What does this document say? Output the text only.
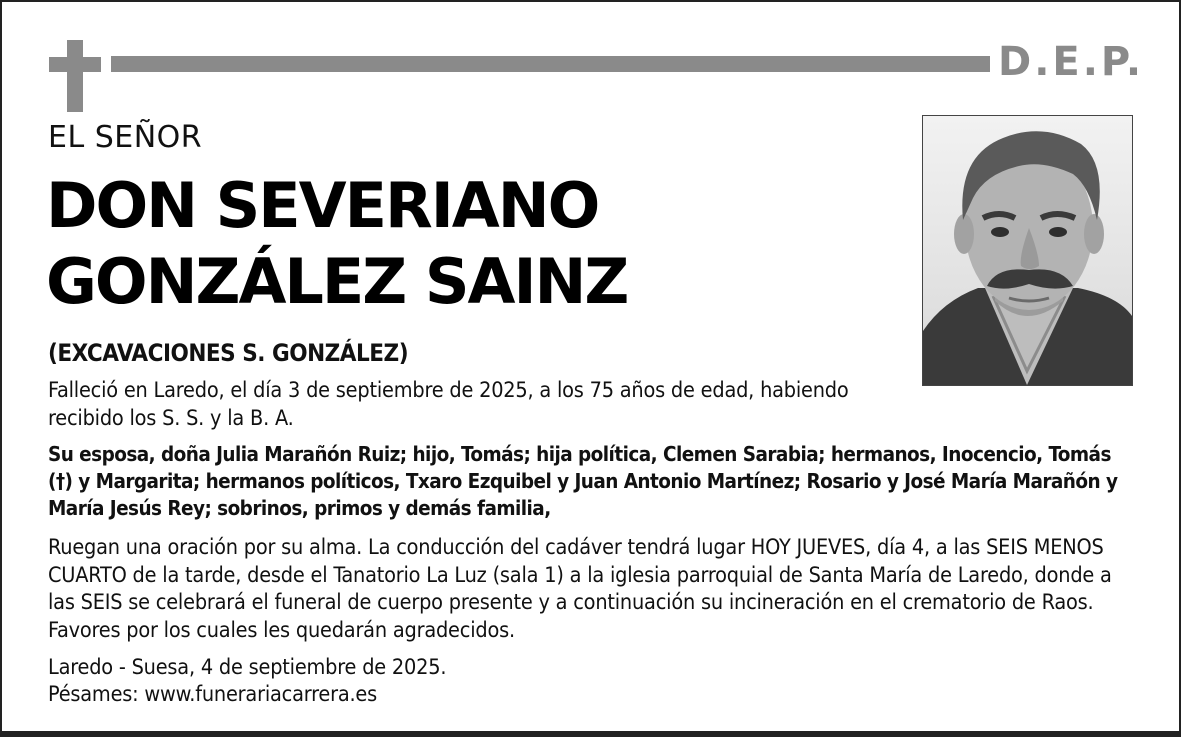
D.E.P.
EL SEÑOR
DON SEVERIANO
GONZÁLEZ SAINZ
(EXCAVACIONES S. GONZÁLEZ)

Falleció en Laredo, el día 3 de septiembre de 2025, a los 75 años de edad, habiendo recibido los S. S. y la B. A.

Su esposa, doña Julia Marañón Ruiz; hijo, Tomás; hija política, Clemen Sarabia; hermanos, Inocencio, Tomás (†) y Margarita; hermanos políticos, Txaro Ezquibel y Juan Antonio Martínez; Rosario y José María Marañón y María Jesús Rey; sobrinos, primos y demás familia,

Ruegan una oración por su alma. La conducción del cadáver tendrá lugar HOY JUEVES, día 4, a las SEIS MENOS CUARTO de la tarde, desde el Tanatorio La Luz (sala 1) a la iglesia parroquial de Santa María de Laredo, donde a las SEIS se celebrará el funeral de cuerpo presente y a continuación su incineración en el crematorio de Raos. Favores por los cuales les quedarán agradecidos.

Laredo - Suesa, 4 de septiembre de 2025.
Pésames: www.funerariacarrera.es
